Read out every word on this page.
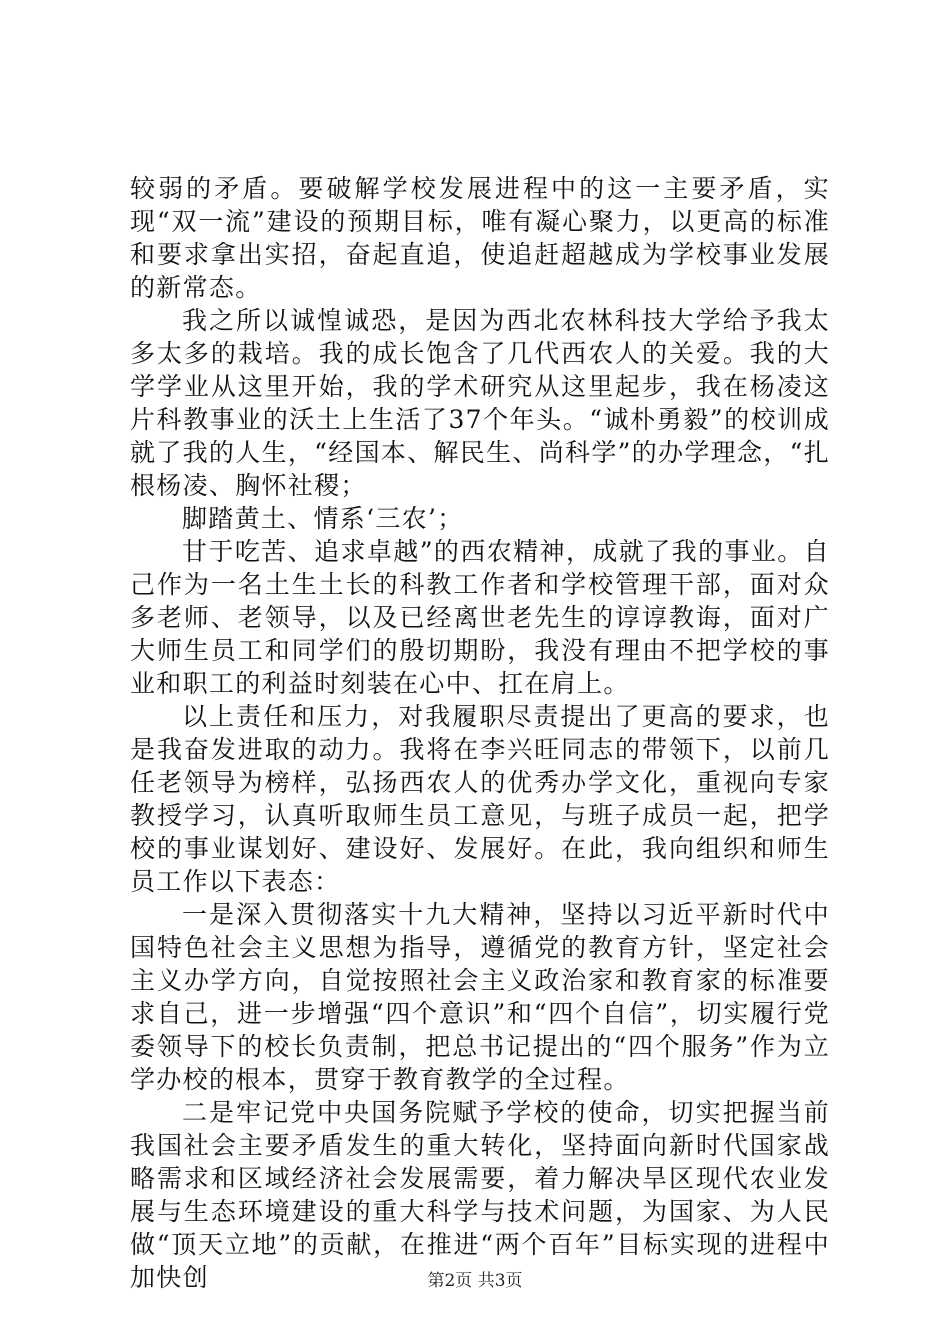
较弱的矛盾。要破解学校发展进程中的这一主要矛盾，实现“双一流”建设的预期目标，唯有凝心聚力，以更高的标准和要求拿出实招，奋起直追，使追赶超越成为学校事业发展的新常态。

我之所以诚惶诚恐，是因为西北农林科技大学给予我太多太多的栽培。我的成长饱含了几代西农人的关爱。我的大学学业从这里开始，我的学术研究从这里起步，我在杨凌这片科教事业的沃土上生活了37个年头。“诚朴勇毅”的校训成就了我的人生，“经国本、解民生、尚科学”的办学理念，“扎根杨凌、胸怀社稷；

脚踏黄土、情系‘三农’；

甘于吃苦、追求卓越”的西农精神，成就了我的事业。自己作为一名土生土长的科教工作者和学校管理干部，面对众多老师、老领导，以及已经离世老先生的谆谆教诲，面对广大师生员工和同学们的殷切期盼，我没有理由不把学校的事业和职工的利益时刻装在心中、扛在肩上。

以上责任和压力，对我履职尽责提出了更高的要求，也是我奋发进取的动力。我将在李兴旺同志的带领下，以前几任老领导为榜样，弘扬西农人的优秀办学文化，重视向专家教授学习，认真听取师生员工意见，与班子成员一起，把学校的事业谋划好、建设好、发展好。在此，我向组织和师生员工作以下表态：

一是深入贯彻落实十九大精神，坚持以习近平新时代中国特色社会主义思想为指导，遵循党的教育方针，坚定社会主义办学方向，自觉按照社会主义政治家和教育家的标准要求自己，进一步增强“四个意识”和“四个自信”，切实履行党委领导下的校长负责制，把总书记提出的“四个服务”作为立学办校的根本，贯穿于教育教学的全过程。

二是牢记党中央国务院赋予学校的使命，切实把握当前我国社会主要矛盾发生的重大转化，坚持面向新时代国家战略需求和区域经济社会发展需要，着力解决旱区现代农业发展与生态环境建设的重大科学与技术问题，为国家、为人民做“顶天立地”的贡献，在推进“两个百年”目标实现的进程中加快创	第2页 共3页
